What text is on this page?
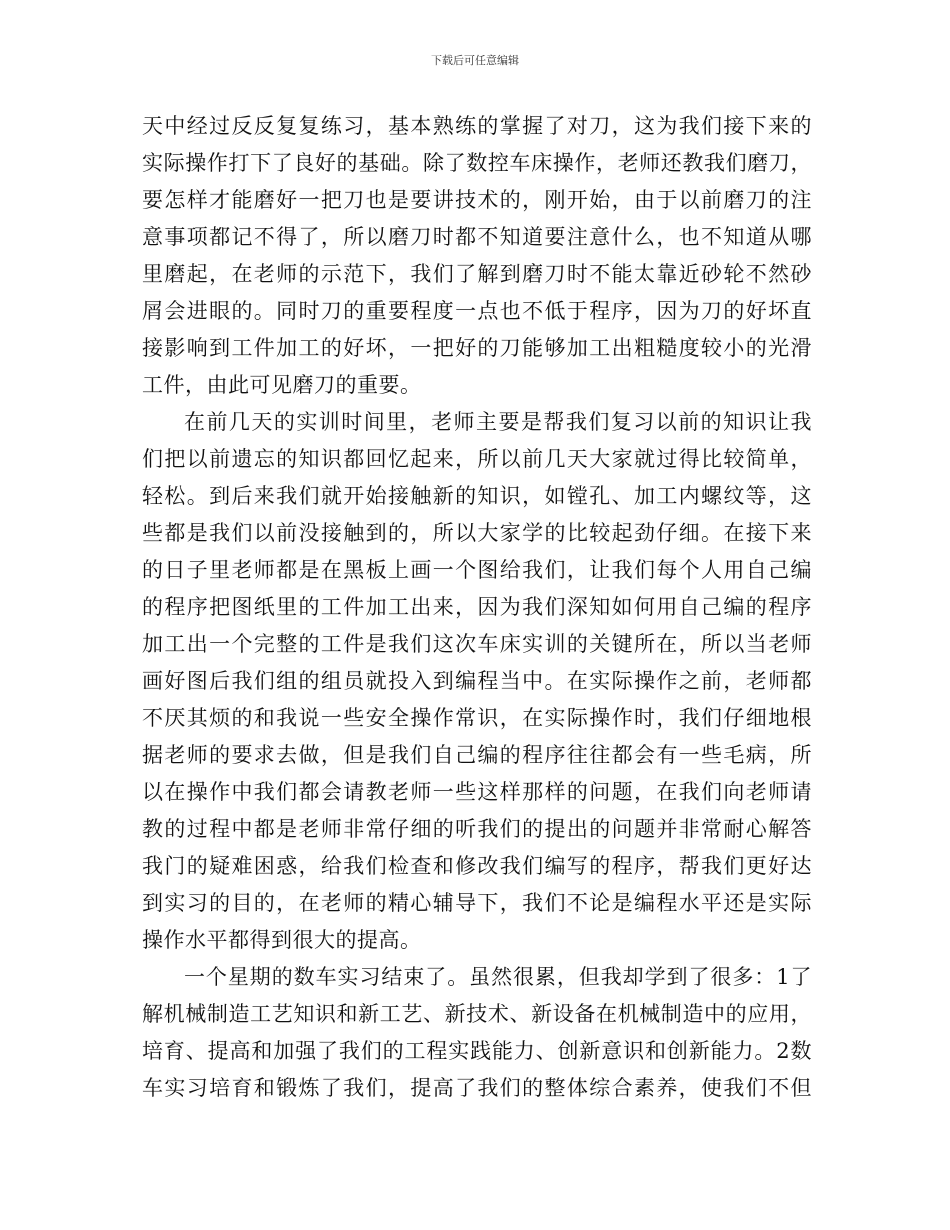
下载后可任意编辑
天中经过反反复复练习，基本熟练的掌握了对刀，这为我们接下来的
实际操作打下了良好的基础。除了数控车床操作，老师还教我们磨刀，
要怎样才能磨好一把刀也是要讲技术的，刚开始，由于以前磨刀的注
意事项都记不得了，所以磨刀时都不知道要注意什么，也不知道从哪
里磨起，在老师的示范下，我们了解到磨刀时不能太靠近砂轮不然砂
屑会进眼的。同时刀的重要程度一点也不低于程序，因为刀的好坏直
接影响到工件加工的好坏，一把好的刀能够加工出粗糙度较小的光滑
工件，由此可见磨刀的重要。
在前几天的实训时间里，老师主要是帮我们复习以前的知识让我
们把以前遗忘的知识都回忆起来，所以前几天大家就过得比较简单，
轻松。到后来我们就开始接触新的知识，如镗孔、加工内螺纹等，这
些都是我们以前没接触到的，所以大家学的比较起劲仔细。在接下来
的日子里老师都是在黑板上画一个图给我们，让我们每个人用自己编
的程序把图纸里的工件加工出来，因为我们深知如何用自己编的程序
加工出一个完整的工件是我们这次车床实训的关键所在，所以当老师
画好图后我们组的组员就投入到编程当中。在实际操作之前，老师都
不厌其烦的和我说一些安全操作常识，在实际操作时，我们仔细地根
据老师的要求去做，但是我们自己编的程序往往都会有一些毛病，所
以在操作中我们都会请教老师一些这样那样的问题，在我们向老师请
教的过程中都是老师非常仔细的听我们的提出的问题并非常耐心解答
我门的疑难困惑，给我们检查和修改我们编写的程序，帮我们更好达
到实习的目的，在老师的精心辅导下，我们不论是编程水平还是实际
操作水平都得到很大的提高。
一个星期的数车实习结束了。虽然很累，但我却学到了很多：1了
解机械制造工艺知识和新工艺、新技术、新设备在机械制造中的应用，
培育、提高和加强了我们的工程实践能力、创新意识和创新能力。2数
车实习培育和锻炼了我们，提高了我们的整体综合素养，使我们不但
